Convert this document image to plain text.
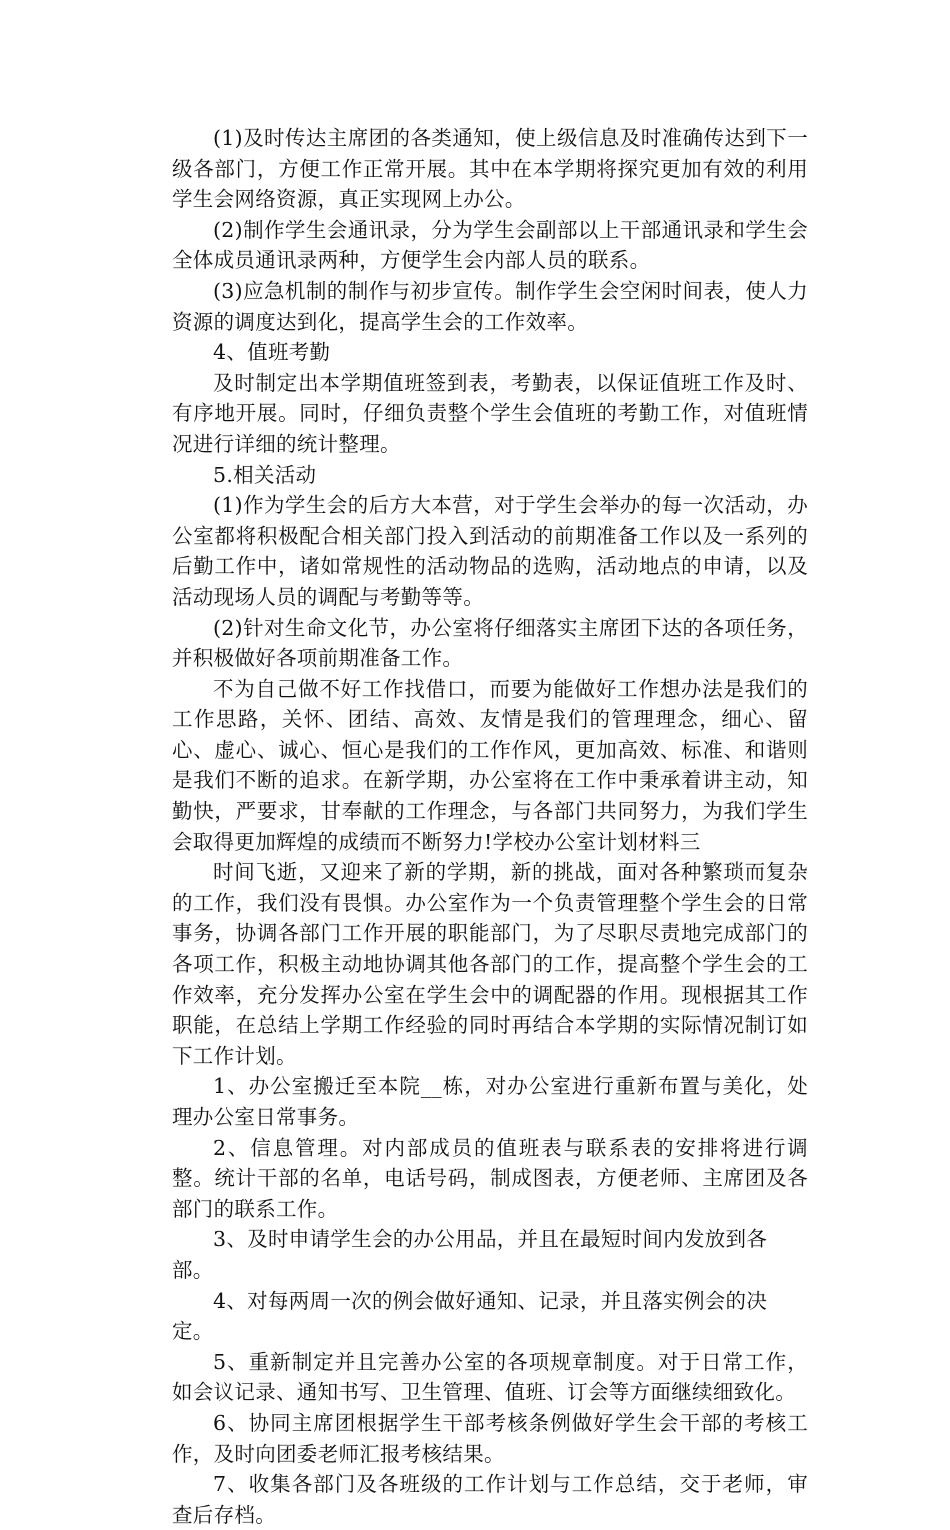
(1)及时传达主席团的各类通知，使上级信息及时准确传达到下一级各部门，方便工作正常开展。其中在本学期将探究更加有效的利用学生会网络资源，真正实现网上办公。

(2)制作学生会通讯录，分为学生会副部以上干部通讯录和学生会全体成员通讯录两种，方便学生会内部人员的联系。

(3)应急机制的制作与初步宣传。制作学生会空闲时间表，使人力资源的调度达到化，提高学生会的工作效率。

4、值班考勤

及时制定出本学期值班签到表，考勤表，以保证值班工作及时、有序地开展。同时，仔细负责整个学生会值班的考勤工作，对值班情况进行详细的统计整理。

5.相关活动

(1)作为学生会的后方大本营，对于学生会举办的每一次活动，办公室都将积极配合相关部门投入到活动的前期准备工作以及一系列的后勤工作中，诸如常规性的活动物品的选购，活动地点的申请，以及活动现场人员的调配与考勤等等。

(2)针对生命文化节，办公室将仔细落实主席团下达的各项任务，并积极做好各项前期准备工作。

不为自己做不好工作找借口，而要为能做好工作想办法是我们的工作思路，关怀、团结、高效、友情是我们的管理理念，细心、留心、虚心、诚心、恒心是我们的工作作风，更加高效、标准、和谐则是我们不断的追求。在新学期，办公室将在工作中秉承着讲主动，知勤快，严要求，甘奉献的工作理念，与各部门共同努力，为我们学生会取得更加辉煌的成绩而不断努力!学校办公室计划材料三

时间飞逝，又迎来了新的学期，新的挑战，面对各种繁琐而复杂的工作，我们没有畏惧。办公室作为一个负责管理整个学生会的日常事务，协调各部门工作开展的职能部门，为了尽职尽责地完成部门的各项工作，积极主动地协调其他各部门的工作，提高整个学生会的工作效率，充分发挥办公室在学生会中的调配器的作用。现根据其工作职能，在总结上学期工作经验的同时再结合本学期的实际情况制订如下工作计划。

1、办公室搬迁至本院__栋，对办公室进行重新布置与美化，处理办公室日常事务。

2、信息管理。对内部成员的值班表与联系表的安排将进行调整。统计干部的名单，电话号码，制成图表，方便老师、主席团及各部门的联系工作。

3、及时申请学生会的办公用品，并且在最短时间内发放到各部。

4、对每两周一次的例会做好通知、记录，并且落实例会的决定。

5、重新制定并且完善办公室的各项规章制度。对于日常工作，如会议记录、通知书写、卫生管理、值班、订会等方面继续细致化。

6、协同主席团根据学生干部考核条例做好学生会干部的考核工作，及时向团委老师汇报考核结果。

7、收集各部门及各班级的工作计划与工作总结，交于老师，审查后存档。
